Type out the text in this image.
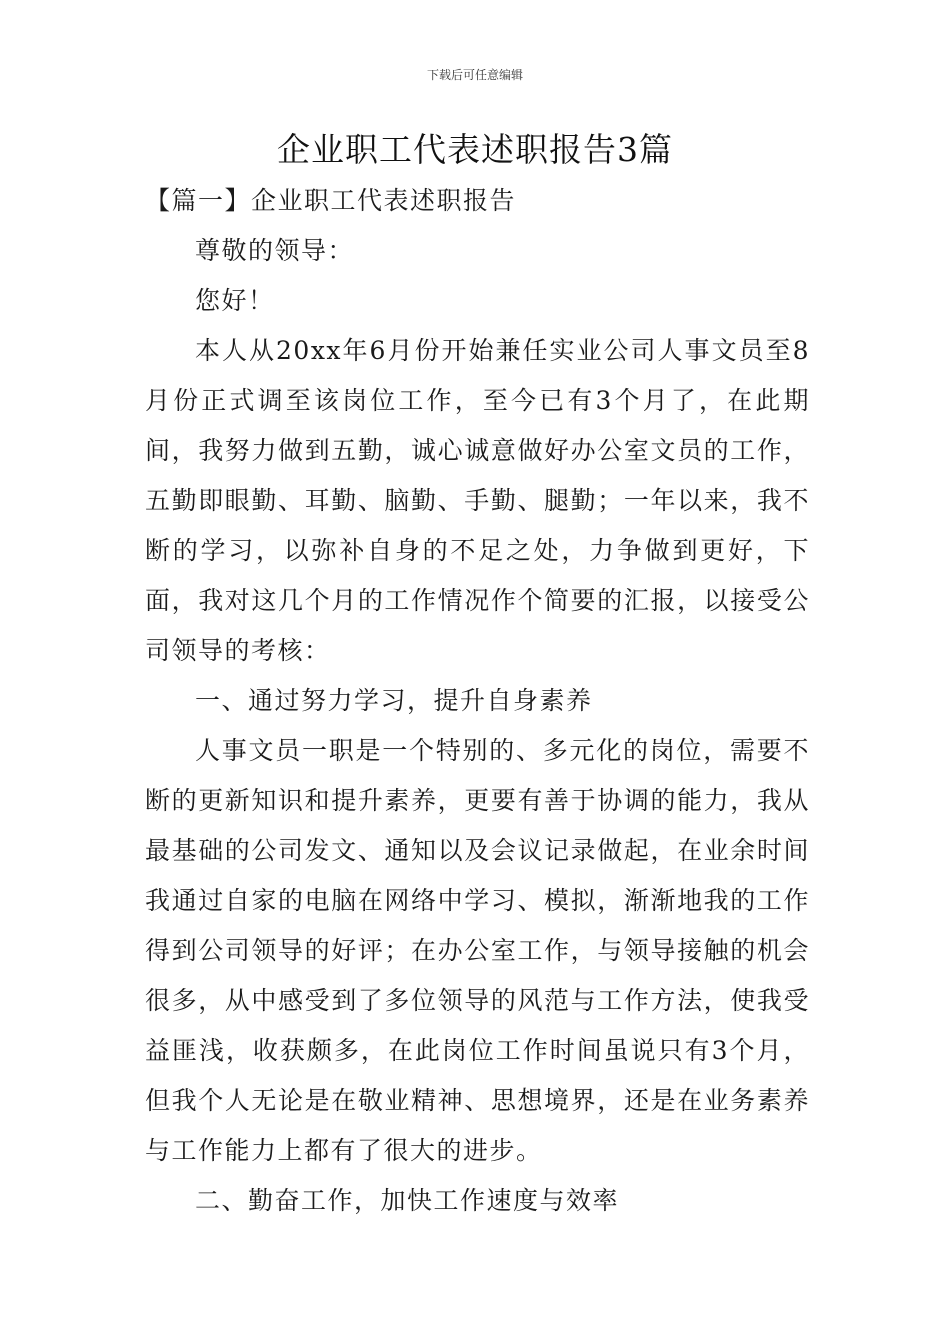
下载后可任意编辑
企业职工代表述职报告3篇

【篇一】企业职工代表述职报告

尊敬的领导：

您好！

本人从20xx年6月份开始兼任实业公司人事文员至8月份正式调至该岗位工作，至今已有3个月了，在此期间，我努力做到五勤，诚心诚意做好办公室文员的工作，五勤即眼勤、耳勤、脑勤、手勤、腿勤；一年以来，我不断的学习，以弥补自身的不足之处，力争做到更好，下面，我对这几个月的工作情况作个简要的汇报，以接受公司领导的考核：

一、通过努力学习，提升自身素养

人事文员一职是一个特别的、多元化的岗位，需要不断的更新知识和提升素养，更要有善于协调的能力，我从最基础的公司发文、通知以及会议记录做起，在业余时间我通过自家的电脑在网络中学习、模拟，渐渐地我的工作得到公司领导的好评；在办公室工作，与领导接触的机会很多，从中感受到了多位领导的风范与工作方法，使我受益匪浅，收获颇多，在此岗位工作时间虽说只有3个月，但我个人无论是在敬业精神、思想境界，还是在业务素养与工作能力上都有了很大的进步。

二、勤奋工作，加快工作速度与效率
